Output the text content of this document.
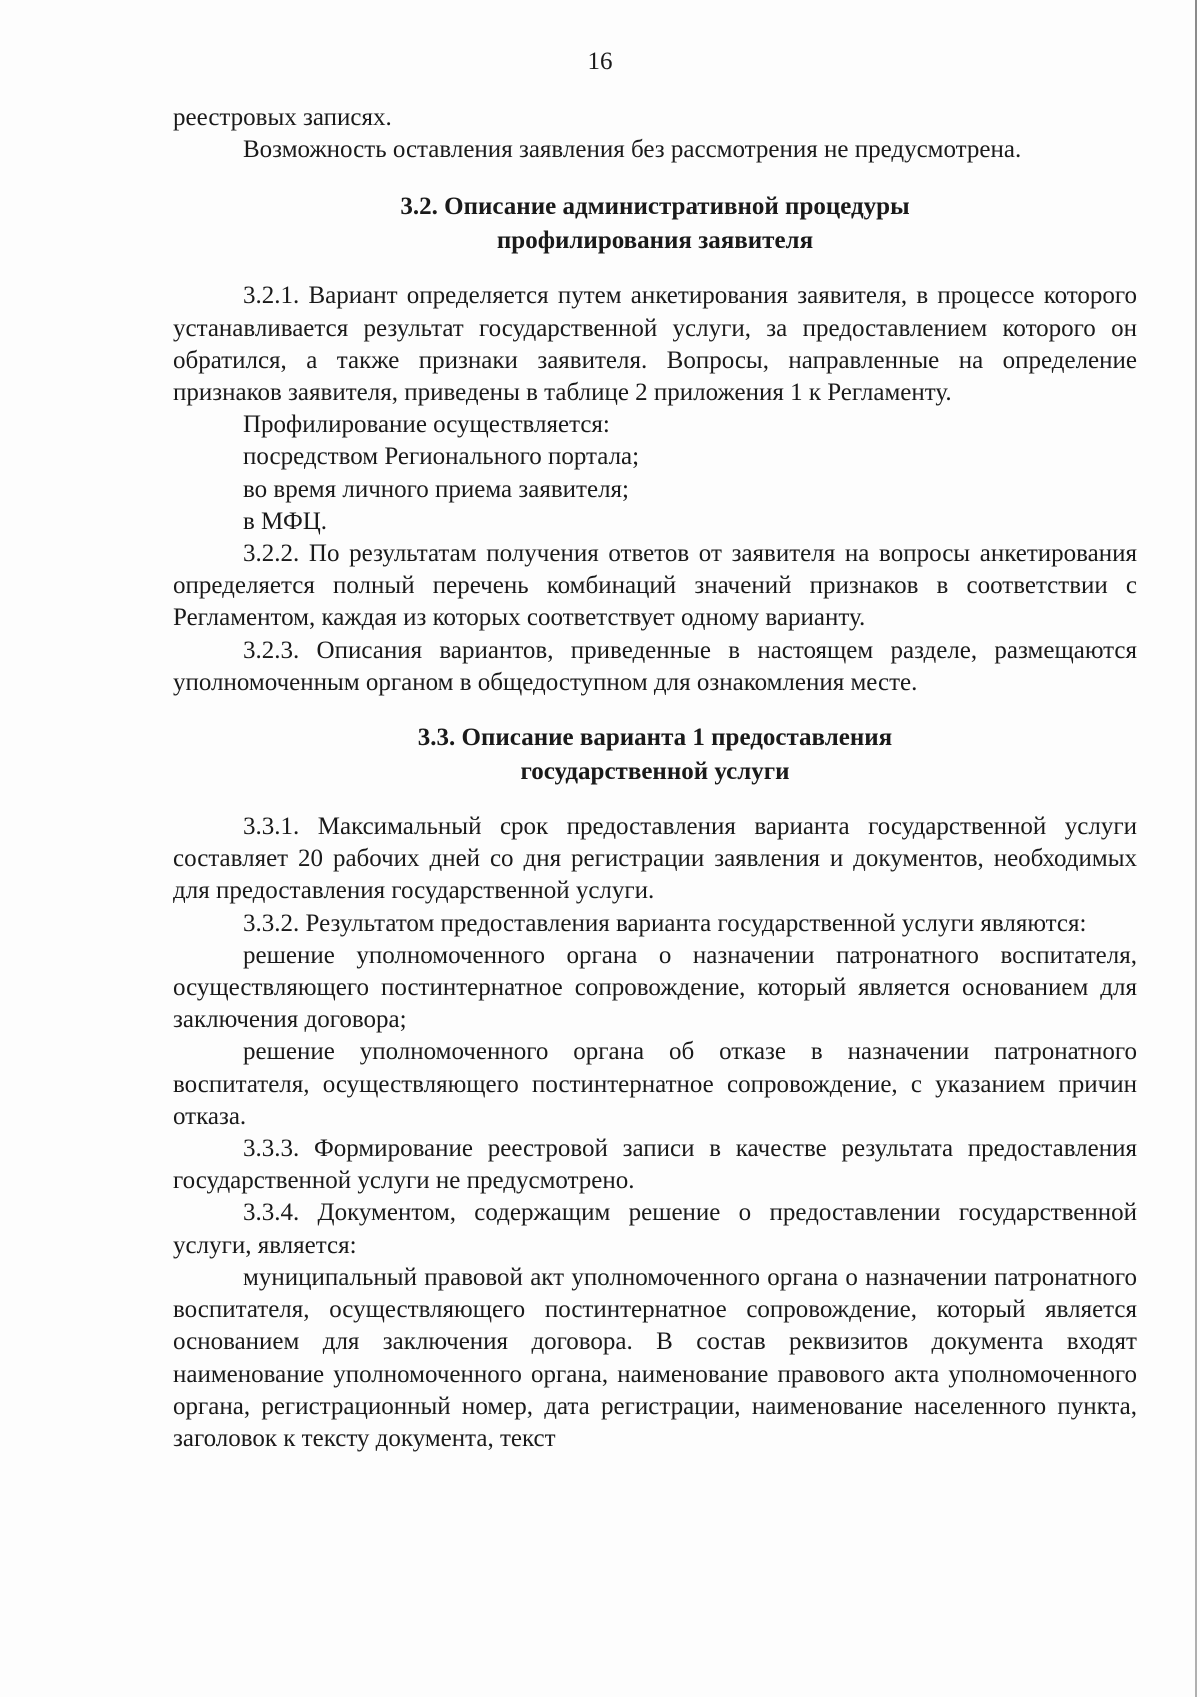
16

реестровых записях.

Возможность оставления заявления без рассмотрения не предусмотрена.

3.2. Описание административной процедуры
профилирования заявителя

3.2.1. Вариант определяется путем анкетирования заявителя, в процессе которого устанавливается результат государственной услуги, за предоставлением которого он обратился, а также признаки заявителя. Вопросы, направленные на определение признаков заявителя, приведены в таблице 2 приложения 1 к Регламенту.

Профилирование осуществляется:

посредством Регионального портала;

во время личного приема заявителя;

в МФЦ.

3.2.2. По результатам получения ответов от заявителя на вопросы анкетирования определяется полный перечень комбинаций значений признаков в соответствии с Регламентом, каждая из которых соответствует одному варианту.

3.2.3. Описания вариантов, приведенные в настоящем разделе, размещаются уполномоченным органом в общедоступном для ознакомления месте.

3.3. Описание варианта 1 предоставления
государственной услуги

3.3.1. Максимальный срок предоставления варианта государственной услуги составляет 20 рабочих дней со дня регистрации заявления и документов, необходимых для предоставления государственной услуги.

3.3.2. Результатом предоставления варианта государственной услуги являются:

решение уполномоченного органа о назначении патронатного воспитателя, осуществляющего постинтернатное сопровождение, который является основанием для заключения договора;

решение уполномоченного органа об отказе в назначении патронатного воспитателя, осуществляющего постинтернатное сопровождение, с указанием причин отказа.

3.3.3. Формирование реестровой записи в качестве результата предоставления государственной услуги не предусмотрено.

3.3.4. Документом, содержащим решение о предоставлении государственной услуги, является:

муниципальный правовой акт уполномоченного органа о назначении патронатного воспитателя, осуществляющего постинтернатное сопровождение, который является основанием для заключения договора. В состав реквизитов документа входят наименование уполномоченного органа, наименование правового акта уполномоченного органа, регистрационный номер, дата регистрации, наименование населенного пункта, заголовок к тексту документа, текст
